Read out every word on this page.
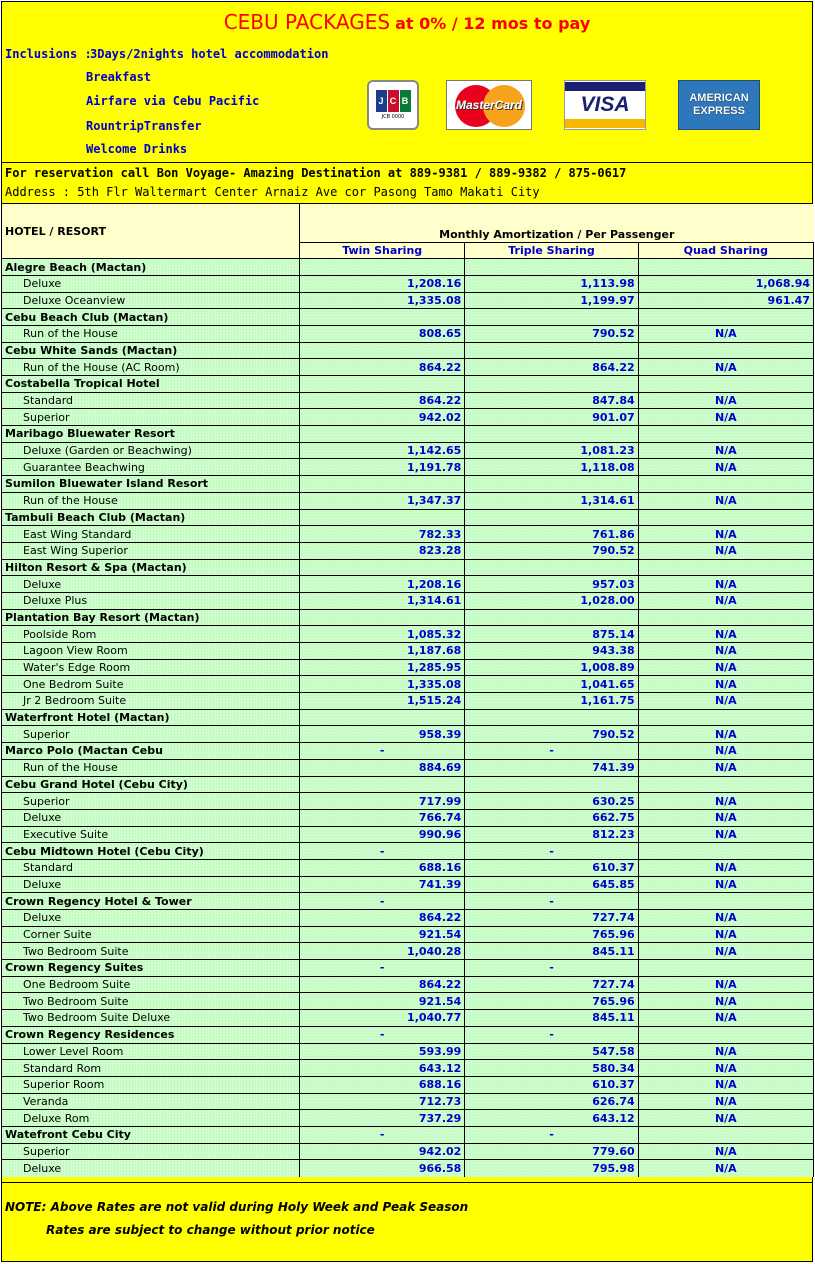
CEBU PACKAGES at 0% / 12 mos to pay
Inclusions :
3Days/2nights hotel accommodation
Breakfast
Airfare via Cebu Pacific
RountripTransfer
Welcome Drinks
J C B
JCB 0000
MasterCard	VISA	AMERICAN
EXPRESS
For reservation call Bon Voyage- Amazing Destination at 889-9381 / 889-9382 / 875-0617
Address : 5th Flr Waltermart Center Arnaiz Ave cor Pasong Tamo Makati City
HOTEL / RESORT	Monthly Amortization / Per Passenger		
	Twin Sharing	Triple Sharing	Quad Sharing
Alegre Beach (Mactan)			
Deluxe	1,208.16	1,113.98	1,068.94
Deluxe Oceanview	1,335.08	1,199.97	961.47
Cebu Beach Club (Mactan)			
Run of the House	808.65	790.52	N/A
Cebu White Sands (Mactan)			
Run of the House (AC Room)	864.22	864.22	N/A
Costabella Tropical Hotel			
Standard	864.22	847.84	N/A
Superior	942.02	901.07	N/A
Maribago Bluewater Resort			
Deluxe (Garden or Beachwing)	1,142.65	1,081.23	N/A
Guarantee Beachwing	1,191.78	1,118.08	N/A
Sumilon Bluewater Island Resort			
Run of the House	1,347.37	1,314.61	N/A
Tambuli Beach Club (Mactan)			
East Wing Standard	782.33	761.86	N/A
East Wing Superior	823.28	790.52	N/A
Hilton Resort & Spa (Mactan)			
Deluxe	1,208.16	957.03	N/A
Deluxe Plus	1,314.61	1,028.00	N/A
Plantation Bay Resort (Mactan)			
Poolside Rom	1,085.32	875.14	N/A
Lagoon View Room	1,187.68	943.38	N/A
Water's Edge Room	1,285.95	1,008.89	N/A
One Bedrom Suite	1,335.08	1,041.65	N/A
Jr 2 Bedroom Suite	1,515.24	1,161.75	N/A
Waterfront Hotel (Mactan)			
Superior	958.39	790.52	N/A
Marco Polo (Mactan Cebu	-	-	N/A
Run of the House	884.69	741.39	N/A
Cebu Grand Hotel (Cebu City)			
Superior	717.99	630.25	N/A
Deluxe	766.74	662.75	N/A
Executive Suite	990.96	812.23	N/A
Cebu Midtown Hotel (Cebu City)	-	-	
Standard	688.16	610.37	N/A
Deluxe	741.39	645.85	N/A
Crown Regency Hotel & Tower	-	-	
Deluxe	864.22	727.74	N/A
Corner Suite	921.54	765.96	N/A
Two Bedroom Suite	1,040.28	845.11	N/A
Crown Regency Suites	-	-	
One Bedroom Suite	864.22	727.74	N/A
Two Bedroom Suite	921.54	765.96	N/A
Two Bedroom Suite Deluxe	1,040.77	845.11	N/A
Crown Regency Residences	-	-	
Lower Level Room	593.99	547.58	N/A
Standard Rom	643.12	580.34	N/A
Superior Room	688.16	610.37	N/A
Veranda	712.73	626.74	N/A
Deluxe Rom	737.29	643.12	N/A
Watefront Cebu City	-	-	
Superior	942.02	779.60	N/A
Deluxe	966.58	795.98	N/A
NOTE: Above Rates are not valid during Holy Week and Peak Season
Rates are subject to change without prior notice
